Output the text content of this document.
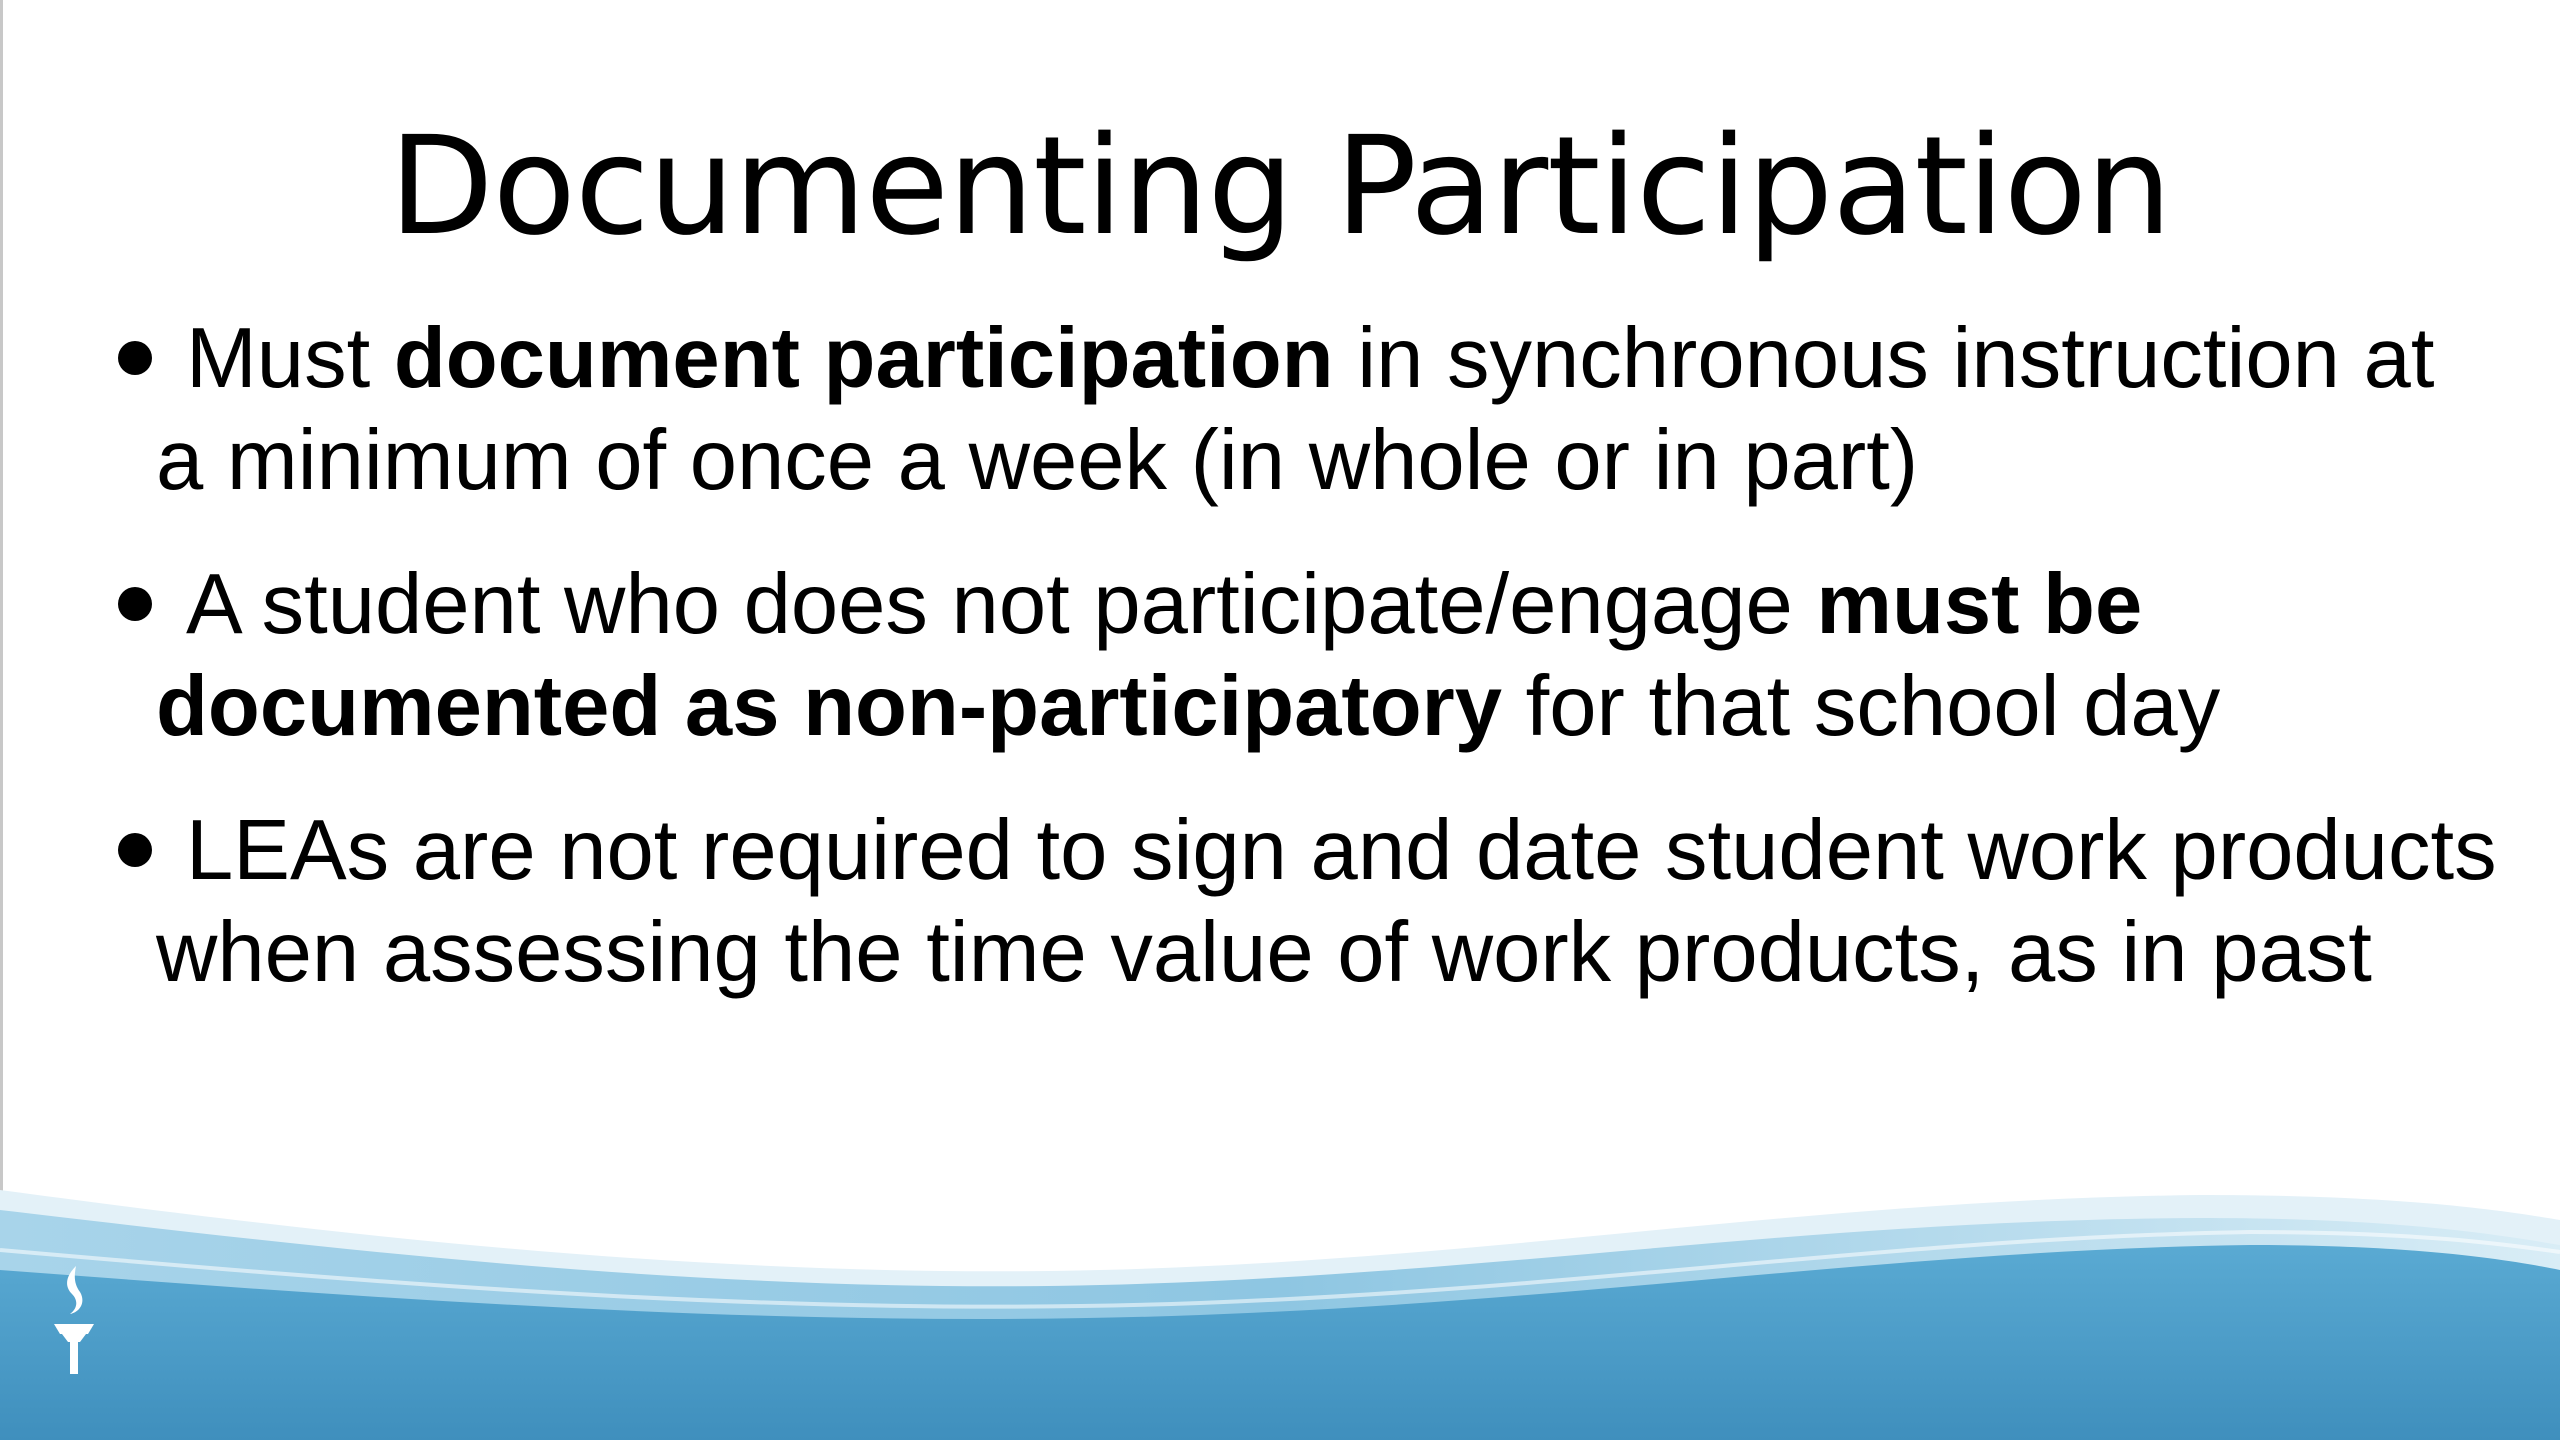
Documenting Participation
Must document participation in synchronous instruction at a minimum of once a week (in whole or in part)
A student who does not participate/engage must be documented as non-participatory for that school day
LEAs are not required to sign and date student work products when assessing the time value of work products, as in past
